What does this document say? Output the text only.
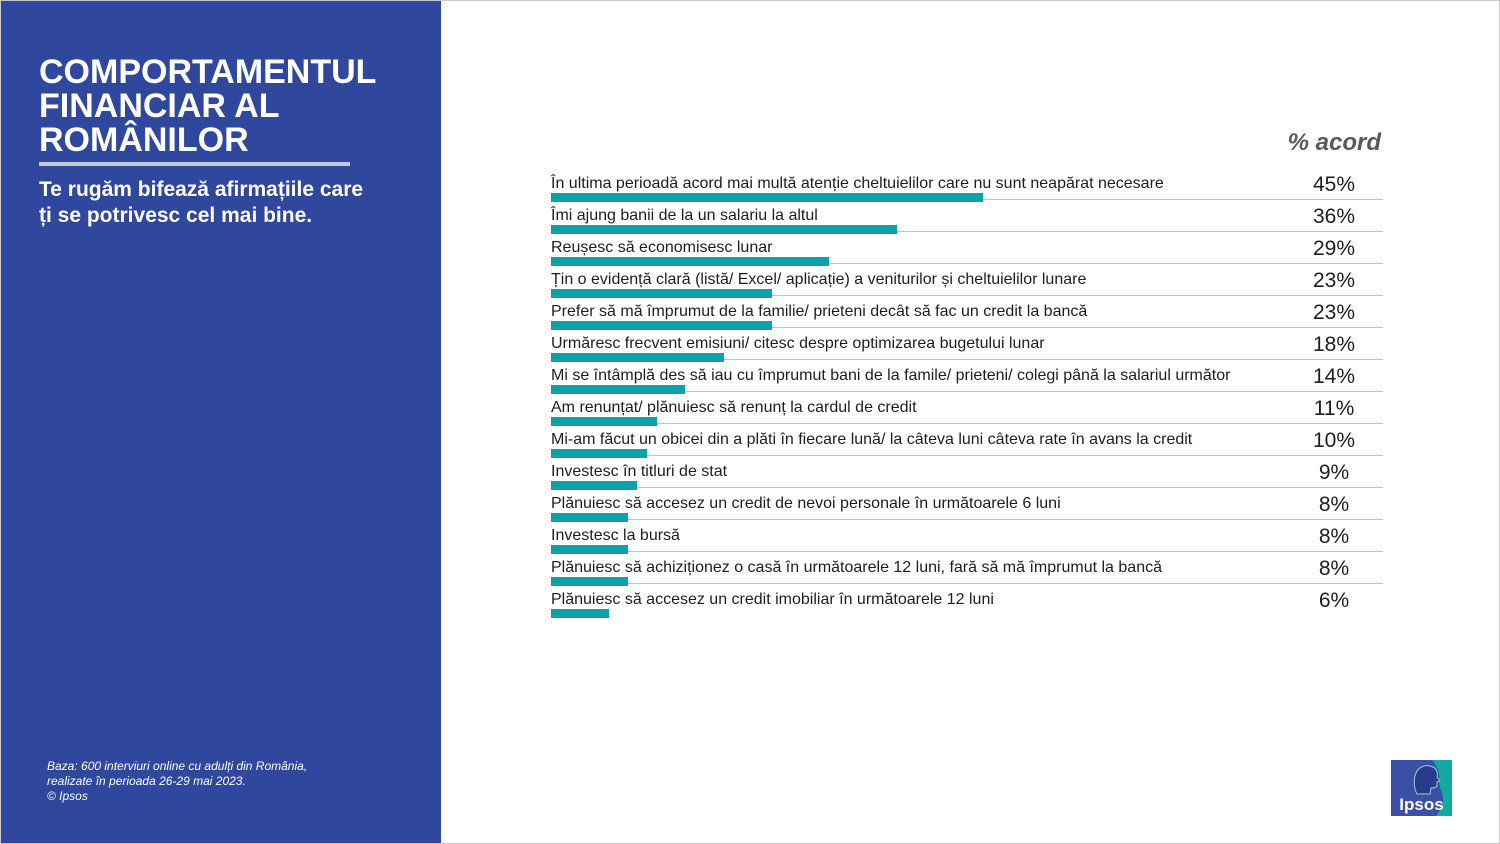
COMPORTAMENTUL FINANCIAR AL ROMÂNILOR

Te rugăm bifează afirmațiile care ți se potrivesc cel mai bine.

Baza: 600 interviuri online cu adulți din România,
realizate în perioada 26-29 mai 2023.
© Ipsos
% acord
În ultima perioadă acord mai multă atenție cheltuielilor care nu sunt neapărat necesare	45%
Îmi ajung banii de la un salariu la altul	36%
Reușesc să economisesc lunar	29%
Țin o evidență clară (listă/ Excel/ aplicație) a veniturilor și cheltuielilor lunare	23%
Prefer să mă împrumut de la familie/ prieteni decât să fac un credit la bancă	23%
Urmăresc frecvent emisiuni/ citesc despre optimizarea bugetului lunar	18%
Mi se întâmplă des să iau cu împrumut bani de la famile/ prieteni/ colegi până la salariul următor	14%
Am renunțat/ plănuiesc să renunț la cardul de credit	11%
Mi-am făcut un obicei din a plăti în fiecare lună/ la câteva luni câteva rate în avans la credit	10%
Investesc în titluri de stat	9%
Plănuiesc să accesez un credit de nevoi personale în următoarele 6 luni	8%
Investesc la bursă	8%
Plănuiesc să achiziționez o casă în următoarele 12 luni, fară să mă împrumut la bancă	8%
Plănuiesc să accesez un credit imobiliar în următoarele 12 luni	6%
Ipsos
